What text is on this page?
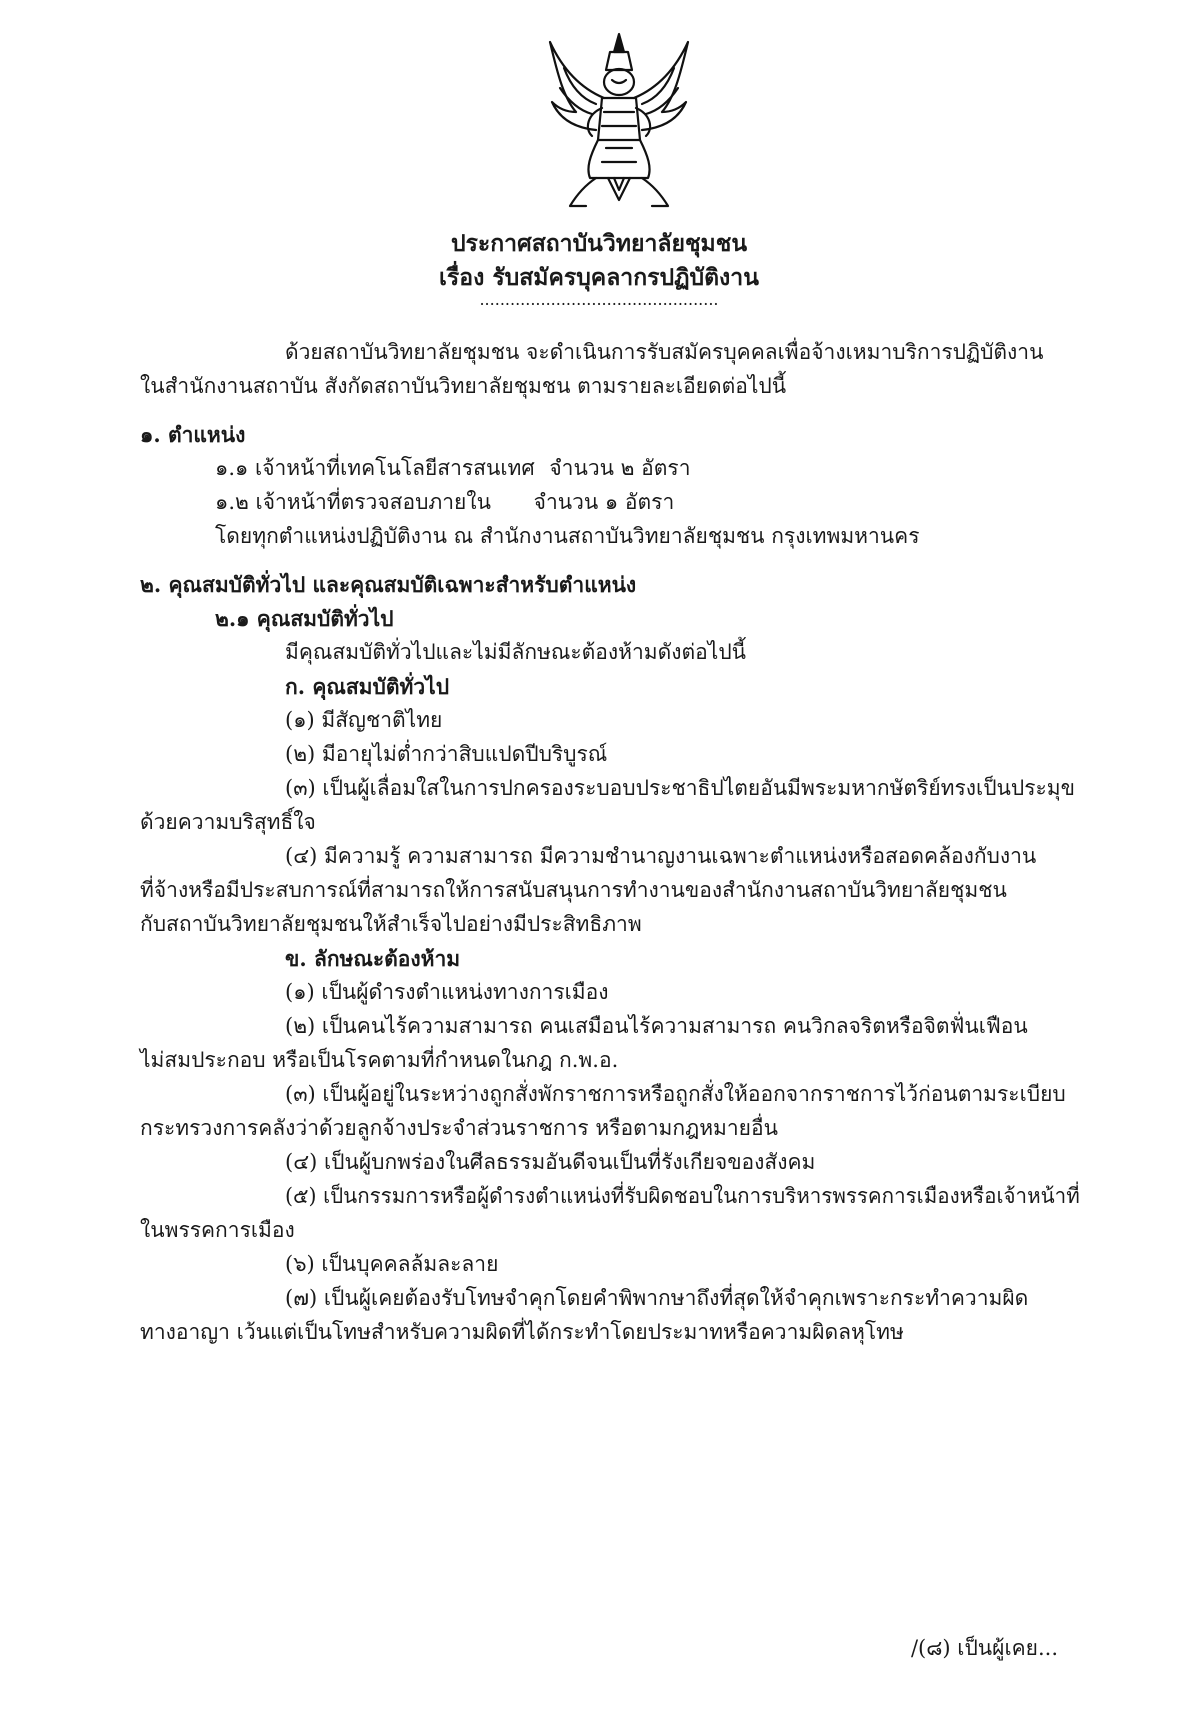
ประกาศสถาบันวิทยาลัยชุมชน
เรื่อง รับสมัครบุคลากรปฏิบัติงาน
...............................................
ด้วยสถาบันวิทยาลัยชุมชน จะดำเนินการรับสมัครบุคคลเพื่อจ้างเหมาบริการปฏิบัติงาน
ในสำนักงานสถาบัน สังกัดสถาบันวิทยาลัยชุมชน ตามรายละเอียดต่อไปนี้
๑. ตำแหน่ง
๑.๑ เจ้าหน้าที่เทคโนโลยีสารสนเทศ จำนวน ๒ อัตรา
๑.๒ เจ้าหน้าที่ตรวจสอบภายใน จำนวน ๑ อัตรา
โดยทุกตำแหน่งปฏิบัติงาน ณ สำนักงานสถาบันวิทยาลัยชุมชน กรุงเทพมหานคร
๒. คุณสมบัติทั่วไป และคุณสมบัติเฉพาะสำหรับตำแหน่ง
๒.๑ คุณสมบัติทั่วไป
มีคุณสมบัติทั่วไปและไม่มีลักษณะต้องห้ามดังต่อไปนี้
ก. คุณสมบัติทั่วไป
(๑) มีสัญชาติไทย
(๒) มีอายุไม่ต่ำกว่าสิบแปดปีบริบูรณ์
(๓) เป็นผู้เลื่อมใสในการปกครองระบอบประชาธิปไตยอันมีพระมหากษัตริย์ทรงเป็นประมุข
ด้วยความบริสุทธิ์ใจ
(๔) มีความรู้ ความสามารถ มีความชำนาญงานเฉพาะตำแหน่งหรือสอดคล้องกับงาน
ที่จ้างหรือมีประสบการณ์ที่สามารถให้การสนับสนุนการทำงานของสำนักงานสถาบันวิทยาลัยชุมชน
กับสถาบันวิทยาลัยชุมชนให้สำเร็จไปอย่างมีประสิทธิภาพ
ข. ลักษณะต้องห้าม
(๑) เป็นผู้ดำรงตำแหน่งทางการเมือง
(๒) เป็นคนไร้ความสามารถ คนเสมือนไร้ความสามารถ คนวิกลจริตหรือจิตฟั่นเฟือน
ไม่สมประกอบ หรือเป็นโรคตามที่กำหนดในกฎ ก.พ.อ.
(๓) เป็นผู้อยู่ในระหว่างถูกสั่งพักราชการหรือถูกสั่งให้ออกจากราชการไว้ก่อนตามระเบียบ
กระทรวงการคลังว่าด้วยลูกจ้างประจำส่วนราชการ หรือตามกฎหมายอื่น
(๔) เป็นผู้บกพร่องในศีลธรรมอันดีจนเป็นที่รังเกียจของสังคม
(๕) เป็นกรรมการหรือผู้ดำรงตำแหน่งที่รับผิดชอบในการบริหารพรรคการเมืองหรือเจ้าหน้าที่
ในพรรคการเมือง
(๖) เป็นบุคคลล้มละลาย
(๗) เป็นผู้เคยต้องรับโทษจำคุกโดยคำพิพากษาถึงที่สุดให้จำคุกเพราะกระทำความผิด
ทางอาญา เว้นแต่เป็นโทษสำหรับความผิดที่ได้กระทำโดยประมาทหรือความผิดลหุโทษ
/(๘) เป็นผู้เคย...
